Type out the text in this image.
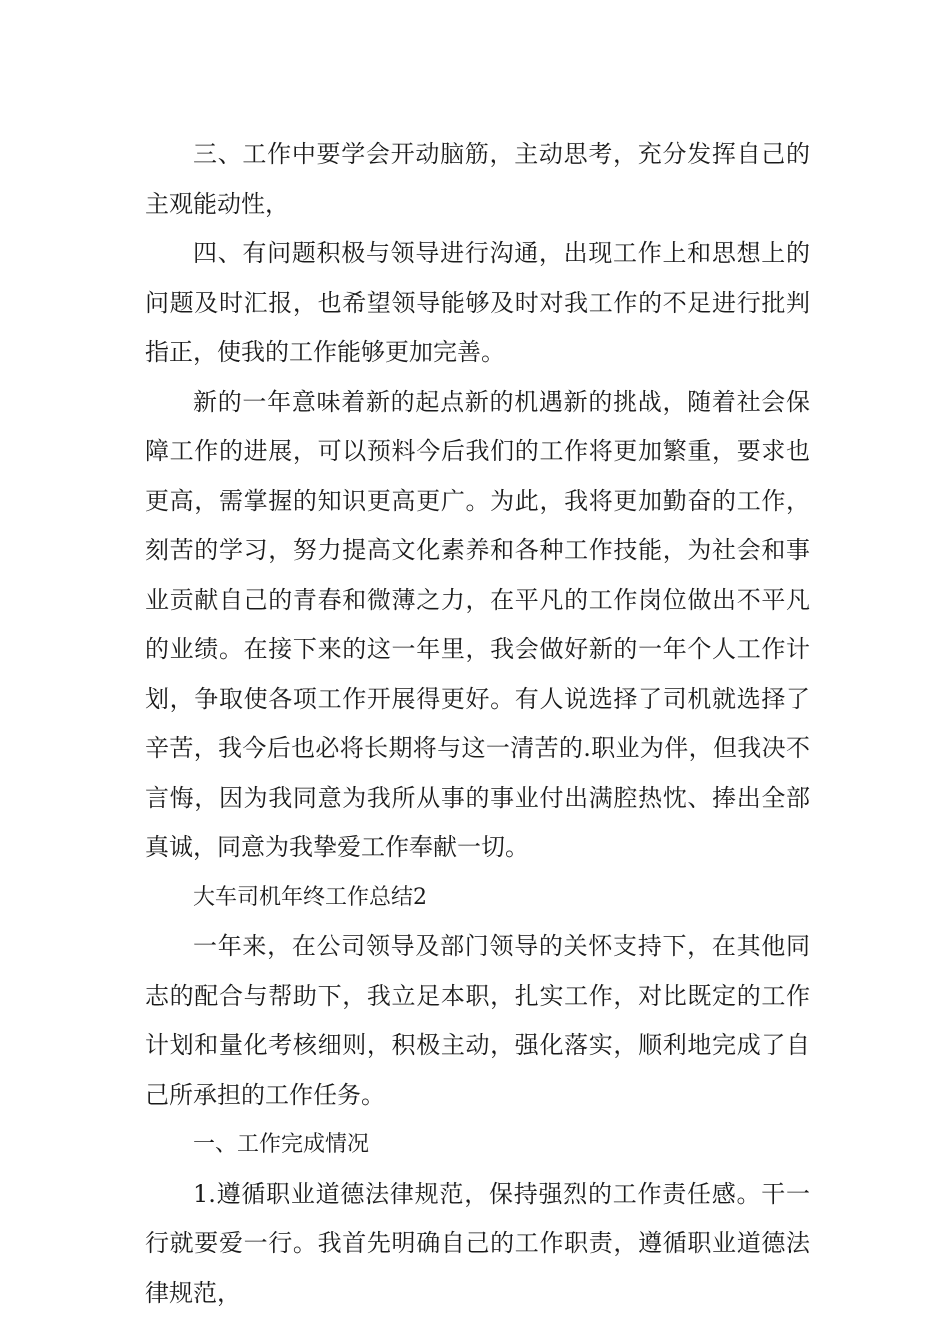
三、工作中要学会开动脑筋，主动思考，充分发挥自己的主观能动性，

四、有问题积极与领导进行沟通，出现工作上和思想上的问题及时汇报，也希望领导能够及时对我工作的不足进行批判指正，使我的工作能够更加完善。

新的一年意味着新的起点新的机遇新的挑战，随着社会保障工作的进展，可以预料今后我们的工作将更加繁重，要求也更高，需掌握的知识更高更广。为此，我将更加勤奋的工作，刻苦的学习，努力提高文化素养和各种工作技能，为社会和事业贡献自己的青春和微薄之力，在平凡的工作岗位做出不平凡的业绩。在接下来的这一年里，我会做好新的一年个人工作计划，争取使各项工作开展得更好。有人说选择了司机就选择了辛苦，我今后也必将长期将与这一清苦的.职业为伴，但我决不言悔，因为我同意为我所从事的事业付出满腔热忱、捧出全部真诚，同意为我挚爱工作奉献一切。

大车司机年终工作总结2

一年来，在公司领导及部门领导的关怀支持下，在其他同志的配合与帮助下，我立足本职，扎实工作，对比既定的工作计划和量化考核细则，积极主动，强化落实，顺利地完成了自己所承担的工作任务。

一、工作完成情况

1.遵循职业道德法律规范，保持强烈的工作责任感。干一行就要爱一行。我首先明确自己的工作职责，遵循职业道德法律规范，
